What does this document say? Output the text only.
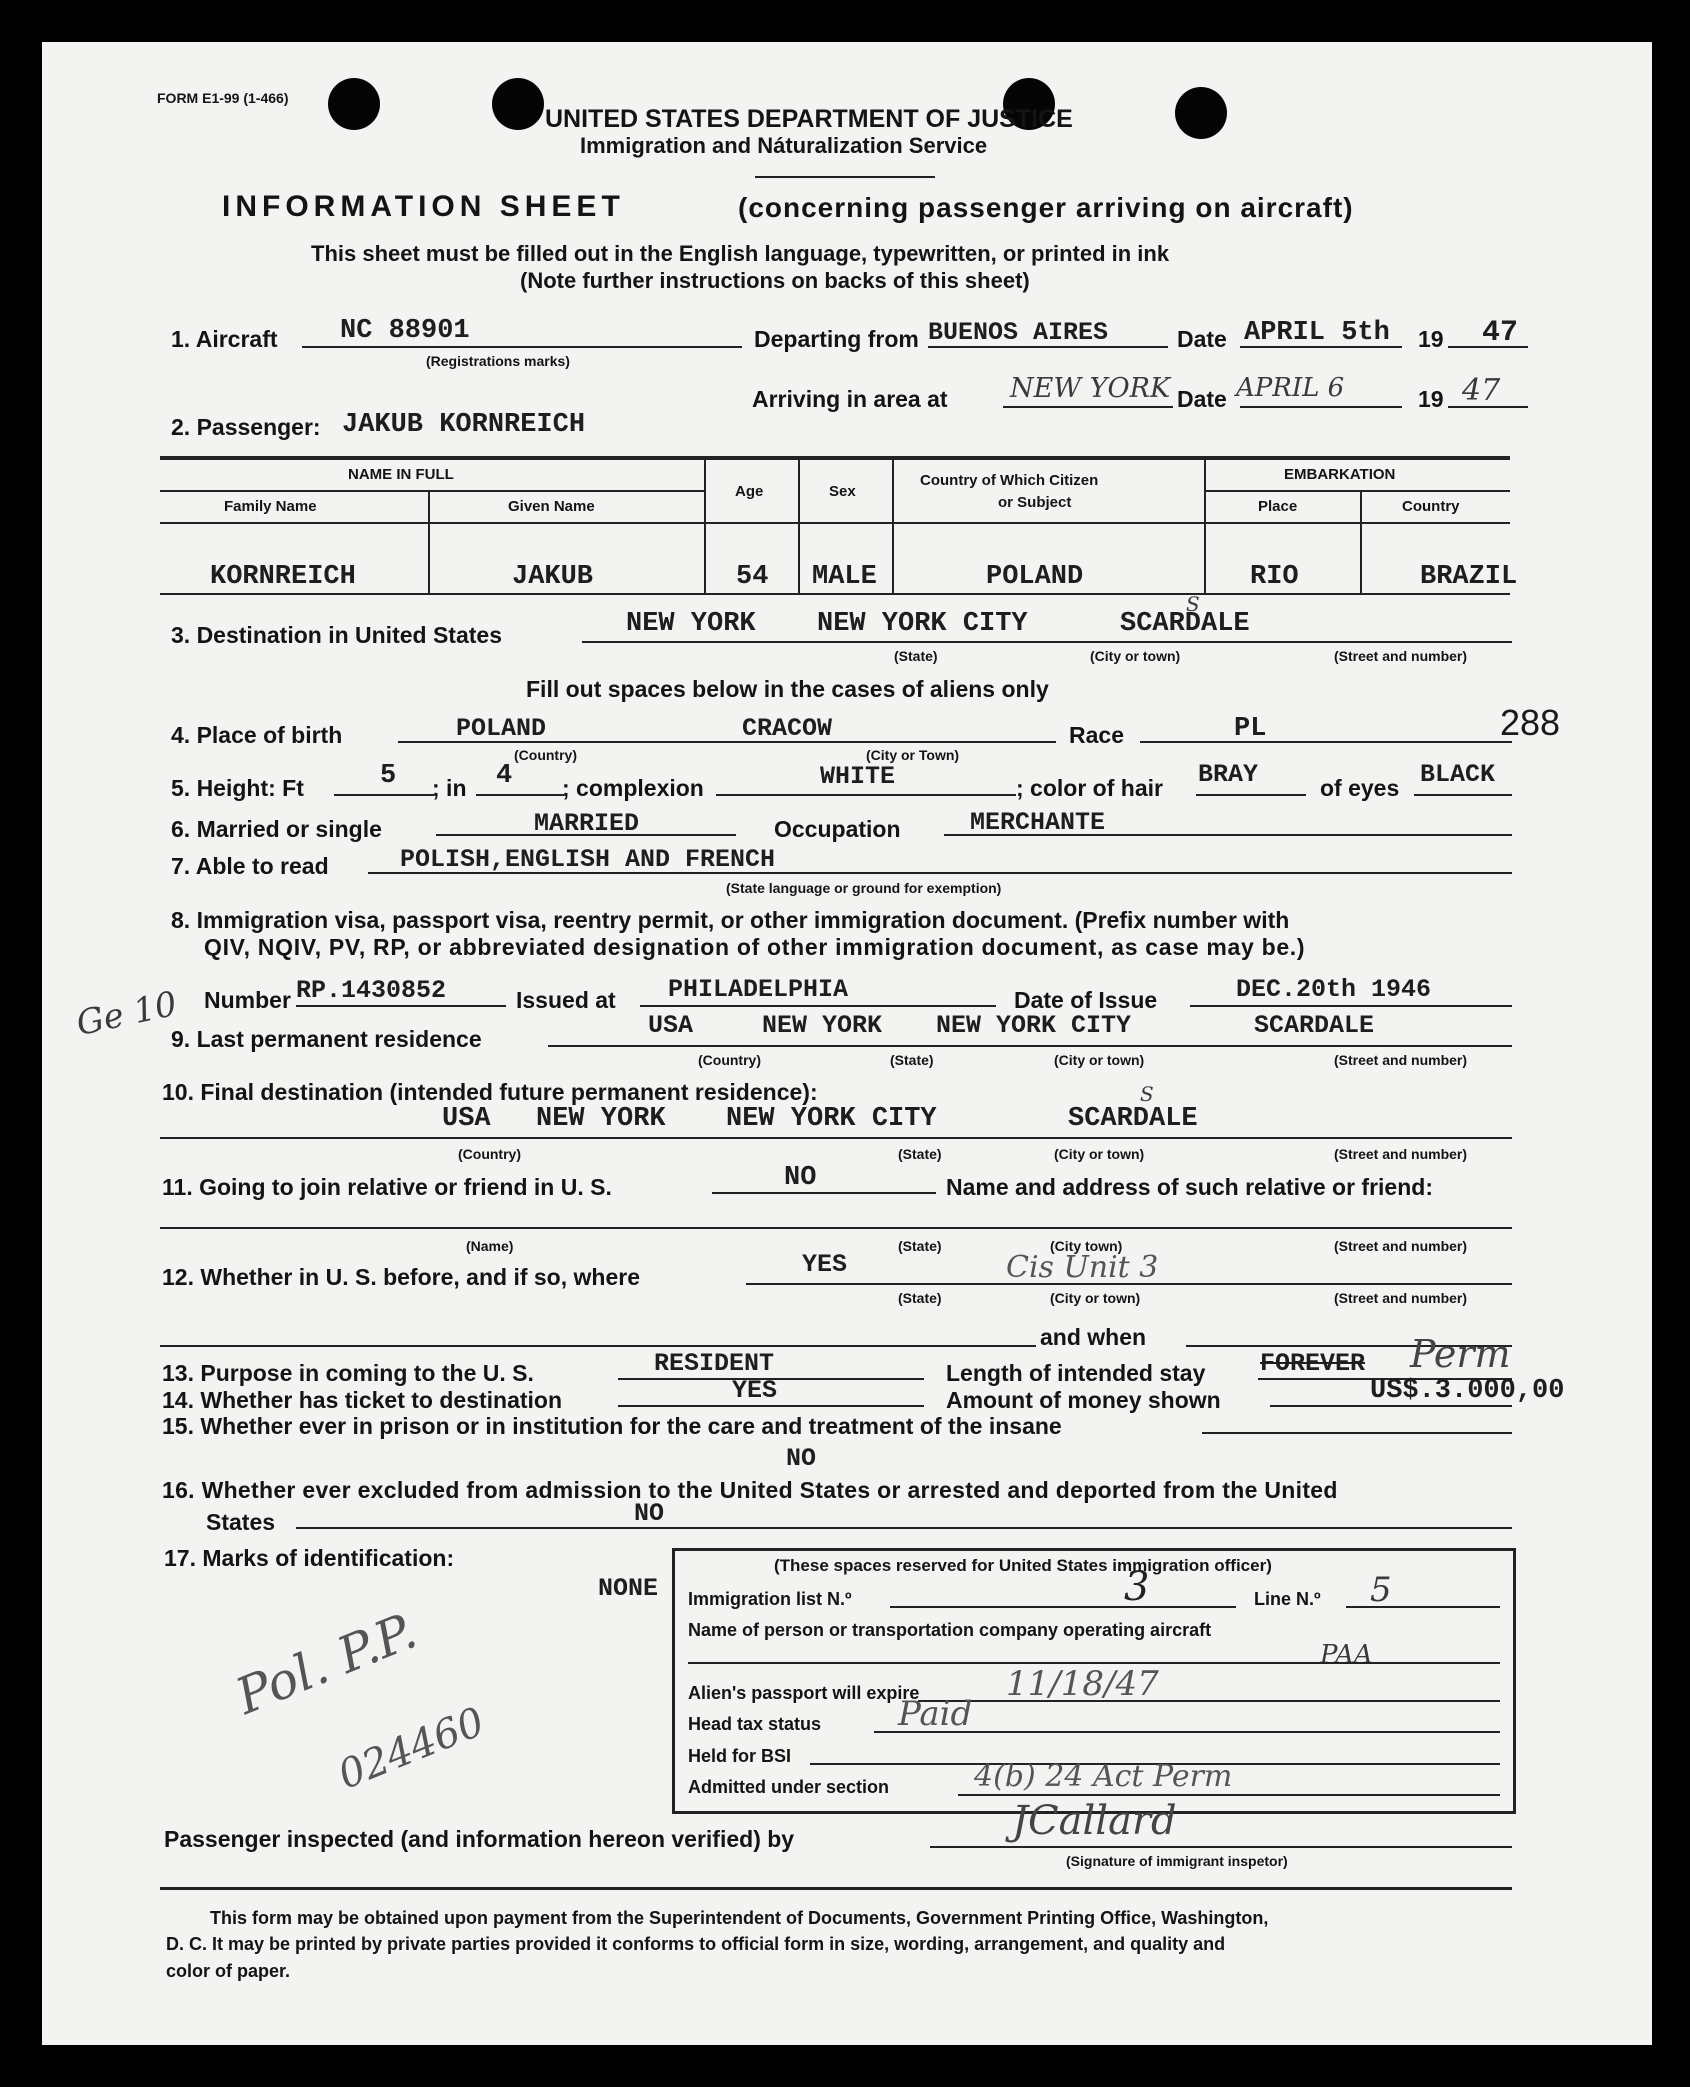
FORM E1-99 (1-466)
UNITED STATES DEPARTMENT OF JUSTICE
Immigration and Náturalization Service
INFORMATION SHEET	(concerning passenger arriving on aircraft)
This sheet must be filled out in the English language, typewritten, or printed in ink
(Note further instructions on backs of this sheet)
1. Aircraft NC 88901
(Registrations marks)
Departing from BUENOS AIRES	Date APRIL 5th 19 47
Arriving in area at NEW YORK Date APRIL 6	19 47
2. Passenger: JAKUB KORNREICH
NAME IN FULL
Family Name	Given Name
Age	Sex
Country of Which Citizen
or Subject
EMBARKATION
Place	Country
KORNREICH	JAKUB	54 MALE	POLAND	RIO	BRAZIL
3. Destination in United States	NEW YORK NEW YORK CITY	SCARDALE
S
(State)	(City or town)	(Street and number)
Fill out spaces below in the cases of aliens only
4. Place of birth	POLAND	CRACOW
(Country)	(City or Town)
Race	PL	288
5. Height: Ft	5 ; in 4 ; complexion	WHITE	; color of hair BRAY	of eyes BLACK
6. Married or single	MARRIED	Occupation	MERCHANTE
7. Able to read	POLISH,ENGLISH AND FRENCH
(State language or ground for exemption)
8. Immigration visa, passport visa, reentry permit, or other immigration document. (Prefix number with
QIV, NQIV, PV, RP, or abbreviated designation of other immigration document, as case may be.)
Number RP.1430852	Issued at PHILADELPHIA	Date of Issue	DEC.20th 1946
Ge 10
9. Last permanent residence	USA	NEW YORK NEW YORK CITY	SCARDALE
(Country)	(State)	(City or town)	(Street and number)
10. Final destination (intended future permanent residence):
USA NEW YORK NEW YORK CITY	SCARDALE
S
(Country)	(State)	(City or town)	(Street and number)
11. Going to join relative or friend in U. S.	NO	Name and address of such relative or friend:
(Name)	(State)	(City town)	(Street and number)
12. Whether in U. S. before, and if so, where	YES	Cis Unit 3
(State)	(City or town)	(Street and number)
and when
13. Purpose in coming to the U. S.	RESIDENT	Length of intended stay FOREVER Perm
14. Whether has ticket to destination	YES	Amount of money shown	US$.3.000,00
15. Whether ever in prison or in institution for the care and treatment of the insane
NO
16. Whether ever excluded from admission to the United States or arrested and deported from the United
States	NO
17. Marks of identification:
NONE
(These spaces reserved for United States immigration officer)
Immigration list N.º	3	Line N.º 5
Name of person or transportation company operating aircraft
PAA
Alien's passport will expire	11/18/47
Head tax status Paid
Held for BSI
Admitted under section	4(b) 24 Act Perm
Pol. P.P.
024460
Passenger inspected (and information hereon verified) by	JCallard
(Signature of immigrant inspetor)
This form may be obtained upon payment from the Superintendent of Documents, Government Printing Office, Washington,
D. C. It may be printed by private parties provided it conforms to official form in size, wording, arrangement, and quality and
color of paper.
